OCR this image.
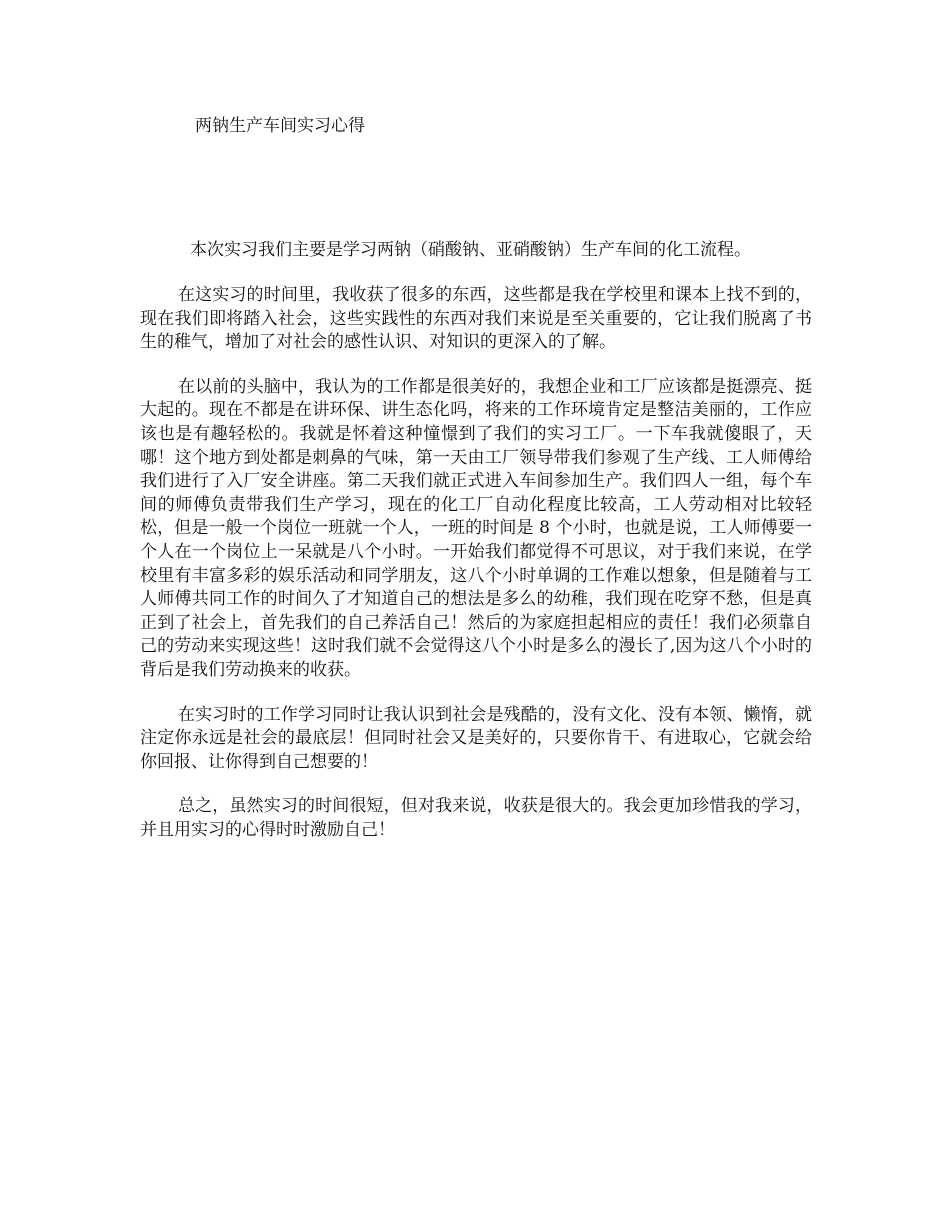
两钠生产车间实习心得
本次实习我们主要是学习两钠（硝酸钠、亚硝酸钠）生产车间的化工流程。

在这实习的时间里，我收获了很多的东西，这些都是我在学校里和课本上找不到的，现在我们即将踏入社会，这些实践性的东西对我们来说是至关重要的，它让我们脱离了书生的稚气，增加了对社会的感性认识、对知识的更深入的了解。

在以前的头脑中，我认为的工作都是很美好的，我想企业和工厂应该都是挺漂亮、挺大起的。现在不都是在讲环保、讲生态化吗，将来的工作环境肯定是整洁美丽的，工作应该也是有趣轻松的。我就是怀着这种憧憬到了我们的实习工厂。一下车我就傻眼了，天哪！这个地方到处都是刺鼻的气味，第一天由工厂领导带我们参观了生产线、工人师傅给我们进行了入厂安全讲座。第二天我们就正式进入车间参加生产。我们四人一组，每个车间的师傅负责带我们生产学习，现在的化工厂自动化程度比较高，工人劳动相对比较轻松，但是一般一个岗位一班就一个人，一班的时间是 8 个小时，也就是说，工人师傅要一个人在一个岗位上一呆就是八个小时。一开始我们都觉得不可思议，对于我们来说，在学校里有丰富多彩的娱乐活动和同学朋友，这八个小时单调的工作难以想象，但是随着与工人师傅共同工作的时间久了才知道自己的想法是多么的幼稚，我们现在吃穿不愁，但是真正到了社会上，首先我们的自己养活自己！然后的为家庭担起相应的责任！我们必须靠自己的劳动来实现这些！这时我们就不会觉得这八个小时是多么的漫长了,因为这八个小时的背后是我们劳动换来的收获。

在实习时的工作学习同时让我认识到社会是残酷的，没有文化、没有本领、懒惰，就注定你永远是社会的最底层！但同时社会又是美好的，只要你肯干、有进取心，它就会给你回报、让你得到自己想要的！

总之，虽然实习的时间很短，但对我来说，收获是很大的。我会更加珍惜我的学习，并且用实习的心得时时激励自己！
